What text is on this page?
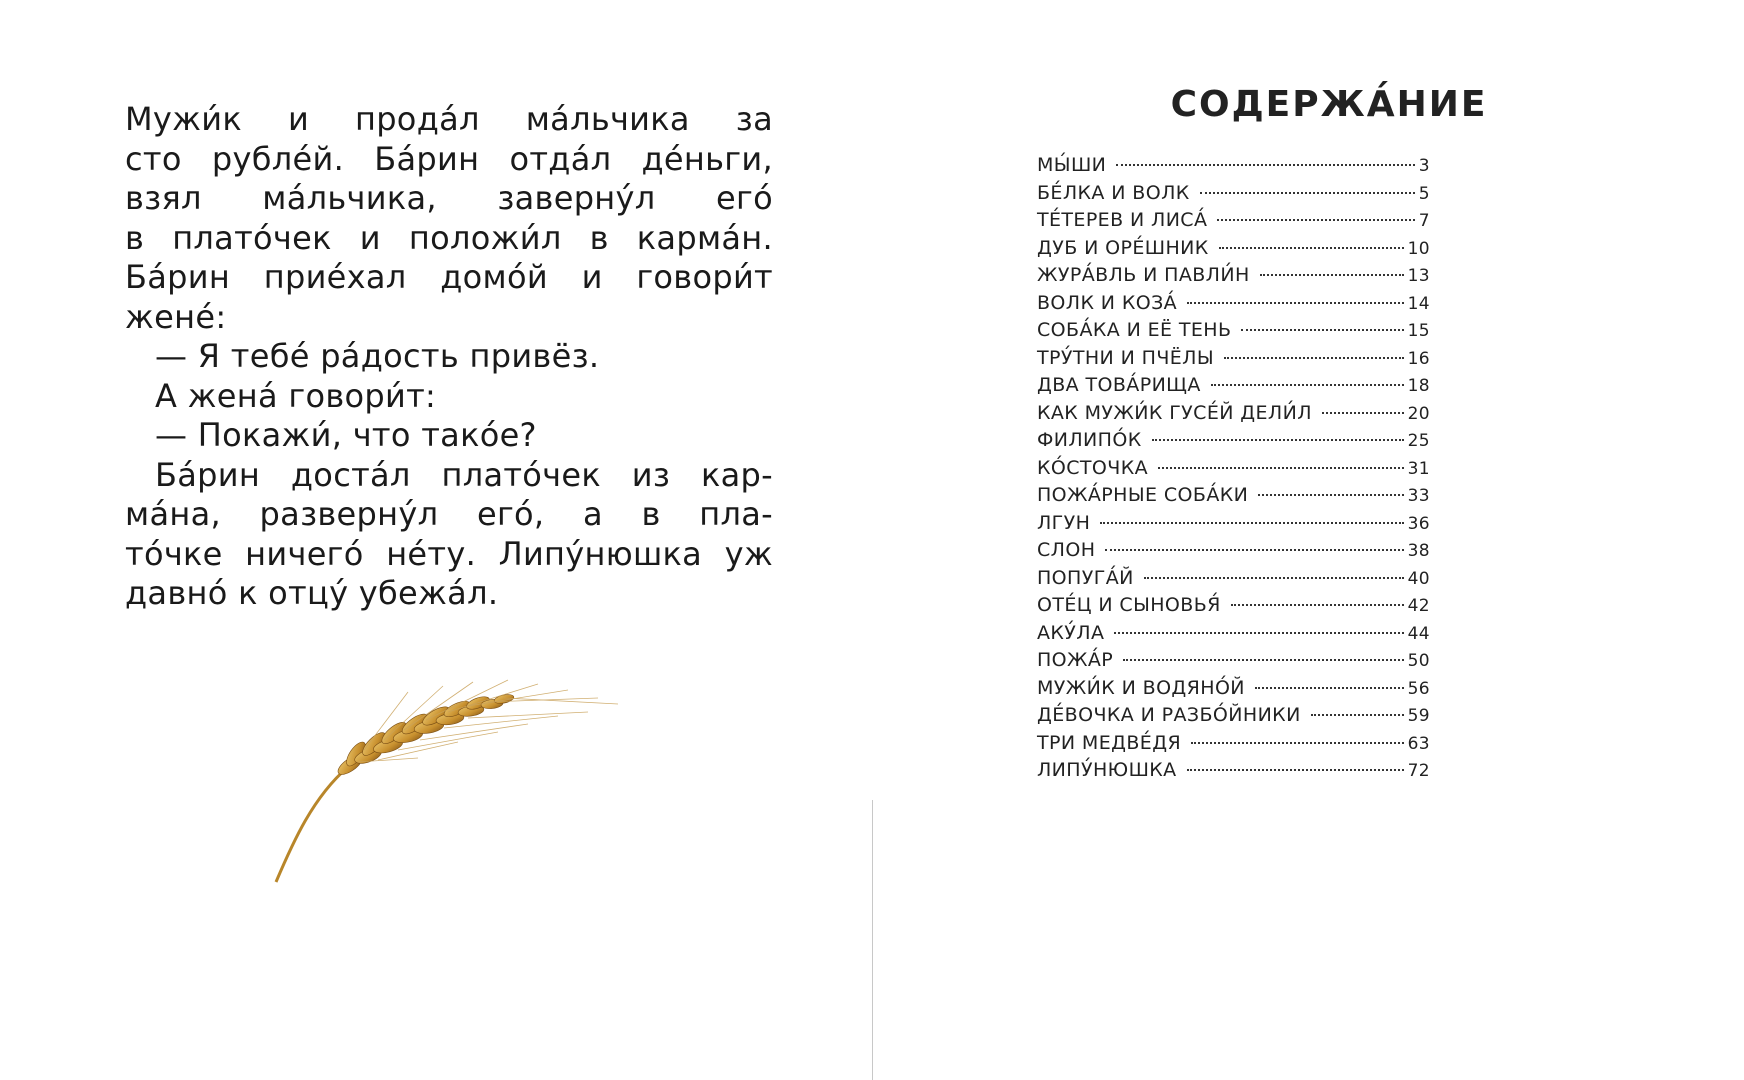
Мужи́к и прода́л ма́льчика за

сто рубле́й. Ба́рин отда́л де́ньги,

взял ма́льчика, заверну́л его́

в плато́чек и положи́л в карма́н.

Ба́рин прие́хал домо́й и говори́т

жене́:

— Я тебе́ ра́дость привёз.

А жена́ говори́т:

— Покажи́, что тако́е?

Ба́рин доста́л плато́чек из кар-

ма́на, разверну́л его́, а в пла-

то́чке ничего́ не́ту. Липу́нюшка уж

давно́ к отцу́ убежа́л.

СОДЕРЖА́НИЕ
МЫ́ШИ	3
БЕ́ЛКА И ВОЛК	5
ТЕ́ТЕРЕВ И ЛИСА́	7
ДУБ И ОРЕ́ШНИК	10
ЖУРА́ВЛЬ И ПАВЛИ́Н	13
ВОЛК И КОЗА́	14
СОБА́КА И ЕЁ ТЕНЬ	15
ТРУ́ТНИ И ПЧЁЛЫ	16
ДВА ТОВА́РИЩА	18
КАК МУЖИ́К ГУСЕ́Й ДЕЛИ́Л	20
ФИЛИПО́К	25
КО́СТОЧКА	31
ПОЖА́РНЫЕ СОБА́КИ	33
ЛГУН	36
СЛОН	38
ПОПУГА́Й	40
ОТЕ́Ц И СЫНОВЬЯ́	42
АКУ́ЛА	44
ПОЖА́Р	50
МУЖИ́К И ВОДЯНО́Й	56
ДЕ́ВОЧКА И РАЗБО́ЙНИКИ	59
ТРИ МЕДВЕ́ДЯ	63
ЛИПУ́НЮШКА	72
